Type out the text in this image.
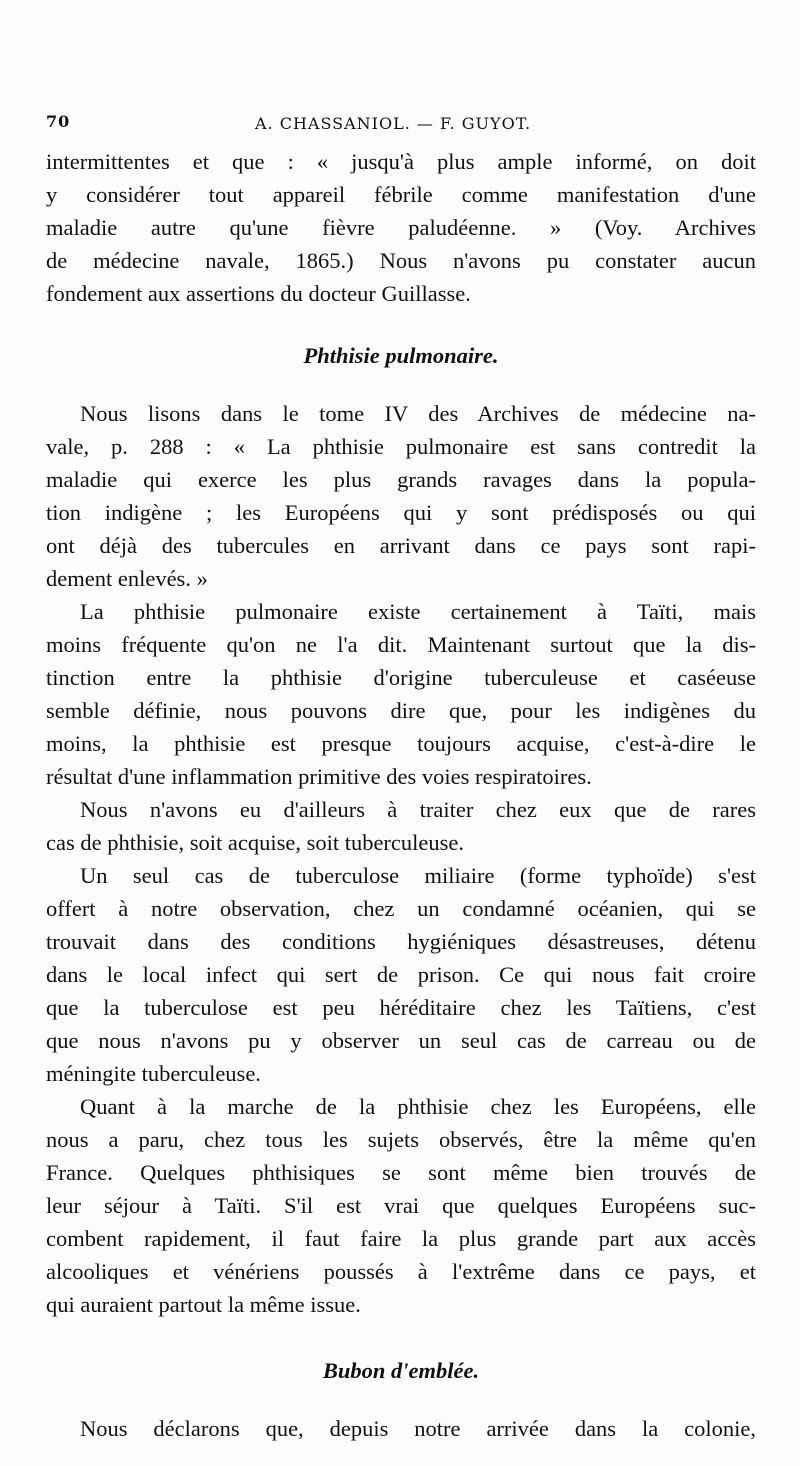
70	A. CHASSANIOL. — F. GUYOT.
intermittentes et que : « jusqu'à plus ample informé, on doit
y considérer tout appareil fébrile comme manifestation d'une
maladie autre qu'une fièvre paludéenne. » (Voy. Archives
de médecine navale, 1865.) Nous n'avons pu constater aucun
fondement aux assertions du docteur Guillasse.
Phthisie pulmonaire.
Nous lisons dans le tome IV des Archives de médecine na-
vale, p. 288 : « La phthisie pulmonaire est sans contredit la
maladie qui exerce les plus grands ravages dans la popula-
tion indigène ; les Européens qui y sont prédisposés ou qui
ont déjà des tubercules en arrivant dans ce pays sont rapi-
dement enlevés. »
La phthisie pulmonaire existe certainement à Taïti, mais
moins fréquente qu'on ne l'a dit. Maintenant surtout que la dis-
tinction entre la phthisie d'origine tuberculeuse et caséeuse
semble définie, nous pouvons dire que, pour les indigènes du
moins, la phthisie est presque toujours acquise, c'est-à-dire le
résultat d'une inflammation primitive des voies respiratoires.
Nous n'avons eu d'ailleurs à traiter chez eux que de rares
cas de phthisie, soit acquise, soit tuberculeuse.
Un seul cas de tuberculose miliaire (forme typhoïde) s'est
offert à notre observation, chez un condamné océanien, qui se
trouvait dans des conditions hygiéniques désastreuses, détenu
dans le local infect qui sert de prison. Ce qui nous fait croire
que la tuberculose est peu héréditaire chez les Taïtiens, c'est
que nous n'avons pu y observer un seul cas de carreau ou de
méningite tuberculeuse.
Quant à la marche de la phthisie chez les Européens, elle
nous a paru, chez tous les sujets observés, être la même qu'en
France. Quelques phthisiques se sont même bien trouvés de
leur séjour à Taïti. S'il est vrai que quelques Européens suc-
combent rapidement, il faut faire la plus grande part aux accès
alcooliques et vénériens poussés à l'extrême dans ce pays, et
qui auraient partout la même issue.
Bubon d'emblée.
Nous déclarons que, depuis notre arrivée dans la colonie,
